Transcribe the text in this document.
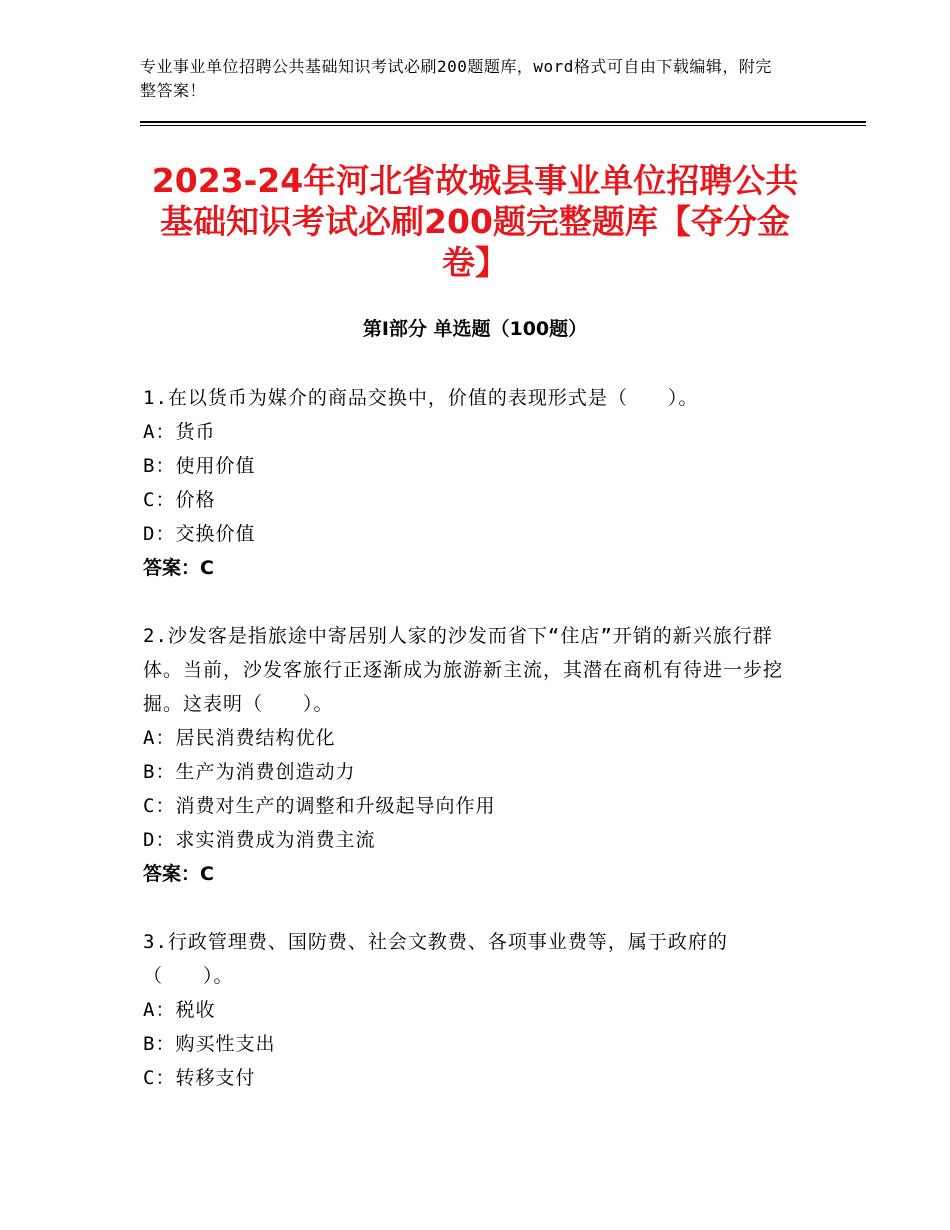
专业事业单位招聘公共基础知识考试必刷200题题库，word格式可自由下载编辑，附完整答案！
2023-24年河北省故城县事业单位招聘公共基础知识考试必刷200题完整题库【夺分金卷】
第Ⅰ部分 单选题（100题）
1.在以货币为媒介的商品交换中，价值的表现形式是（　　）。
A：货币
B：使用价值
C：价格
D：交换价值
答案：C
2.沙发客是指旅途中寄居别人家的沙发而省下“住店”开销的新兴旅行群体。当前，沙发客旅行正逐渐成为旅游新主流，其潜在商机有待进一步挖掘。这表明（　　）。
A：居民消费结构优化
B：生产为消费创造动力
C：消费对生产的调整和升级起导向作用
D：求实消费成为消费主流
答案：C
3.行政管理费、国防费、社会文教费、各项事业费等，属于政府的（　　）。
A：税收
B：购买性支出
C：转移支付
